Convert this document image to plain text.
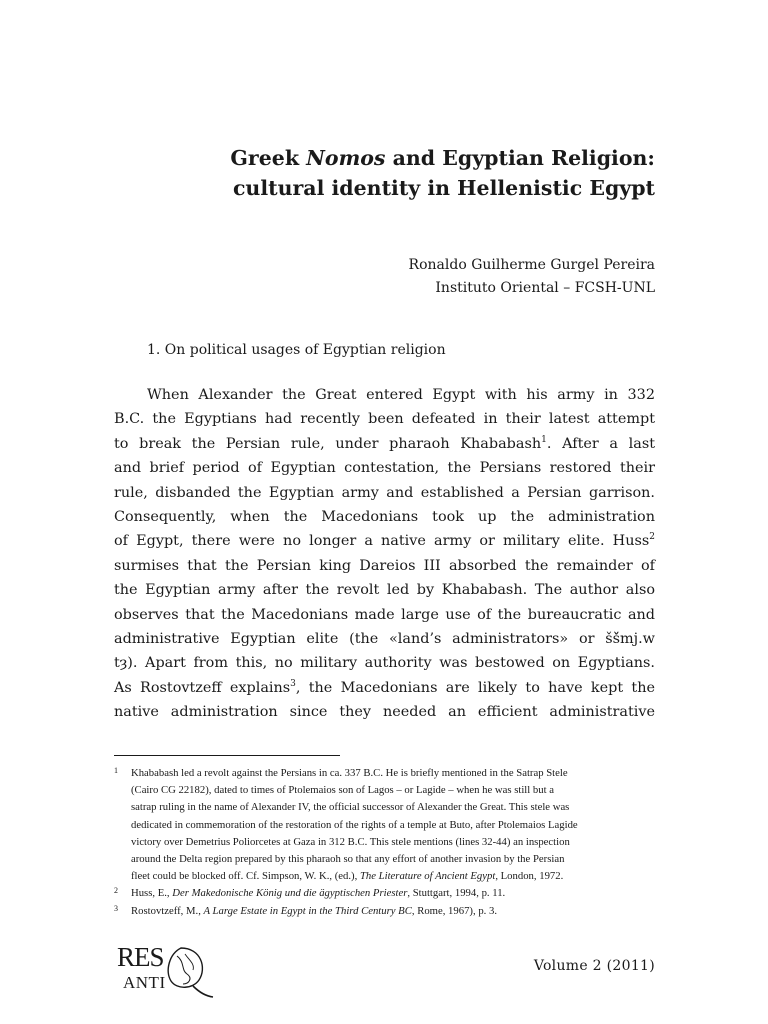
Greek Nomos and Egyptian Religion:
cultural identity in Hellenistic Egypt
Ronaldo Guilherme Gurgel Pereira
Instituto Oriental – FCSH-UNL
1. On political usages of Egyptian religion
When Alexander the Great entered Egypt with his army in 332
B.C. the Egyptians had recently been defeated in their latest attempt
to break the Persian rule, under pharaoh Khababash$^1$. After a last
and brief period of Egyptian contestation, the Persians restored their
rule, disbanded the Egyptian army and established a Persian garrison.
Consequently, when the Macedonians took up the administration
of Egypt, there were no longer a native army or military elite. Huss$^2$
surmises that the Persian king Dareios III absorbed the remainder of
the Egyptian army after the revolt led by Khababash. The author also
observes that the Macedonians made large use of the bureaucratic and
administrative Egyptian elite (the «land’s administrators» or šš̌mj.w
tȝ). Apart from this, no military authority was bestowed on Egyptians.
As Rostovtzeff explains$^3$, the Macedonians are likely to have kept the
native administration since they needed an efficient administrative
1 Khababash led a revolt against the Persians in ca. 337 B.C. He is briefly mentioned in the Satrap Stele
(Cairo CG 22182), dated to times of Ptolemaios son of Lagos – or Lagide – when he was still but a
satrap ruling in the name of Alexander IV, the official successor of Alexander the Great. This stele was
dedicated in commemoration of the restoration of the rights of a temple at Buto, after Ptolemaios Lagide
victory over Demetrius Poliorcetes at Gaza in 312 B.C. This stele mentions (lines 32-44) an inspection
around the Delta region prepared by this pharaoh so that any effort of another invasion by the Persian
fleet could be blocked off. Cf. Simpson, W. K., (ed.), The Literature of Ancient Egypt, London, 1972.
2 Huss, E., Der Makedonische König und die ägyptischen Priester, Stuttgart, 1994, p. 11.
3 Rostovtzeff, M., A Large Estate in Egypt in the Third Century BC, Rome, 1967), p. 3.
RES
ANTI
Volume 2 (2011)
